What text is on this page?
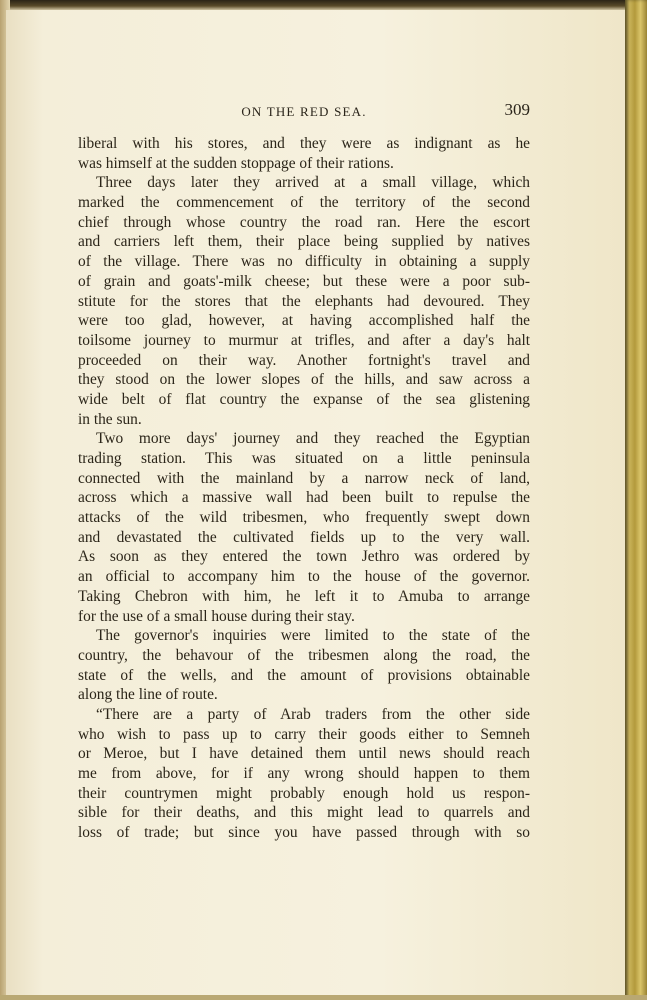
ON THE RED SEA.	309
liberal with his stores, and they were as indignant as he
was himself at the sudden stoppage of their rations.
Three days later they arrived at a small village, which
marked the commencement of the territory of the second
chief through whose country the road ran. Here the escort
and carriers left them, their place being supplied by natives
of the village. There was no difficulty in obtaining a supply
of grain and goats'-milk cheese; but these were a poor sub-
stitute for the stores that the elephants had devoured. They
were too glad, however, at having accomplished half the
toilsome journey to murmur at trifles, and after a day's halt
proceeded on their way. Another fortnight's travel and
they stood on the lower slopes of the hills, and saw across a
wide belt of flat country the expanse of the sea glistening
in the sun.
Two more days' journey and they reached the Egyptian
trading station. This was situated on a little peninsula
connected with the mainland by a narrow neck of land,
across which a massive wall had been built to repulse the
attacks of the wild tribesmen, who frequently swept down
and devastated the cultivated fields up to the very wall.
As soon as they entered the town Jethro was ordered by
an official to accompany him to the house of the governor.
Taking Chebron with him, he left it to Amuba to arrange
for the use of a small house during their stay.
The governor's inquiries were limited to the state of the
country, the behavour of the tribesmen along the road, the
state of the wells, and the amount of provisions obtainable
along the line of route.
“There are a party of Arab traders from the other side
who wish to pass up to carry their goods either to Semneh
or Meroe, but I have detained them until news should reach
me from above, for if any wrong should happen to them
their countrymen might probably enough hold us respon-
sible for their deaths, and this might lead to quarrels and
loss of trade; but since you have passed through with so
